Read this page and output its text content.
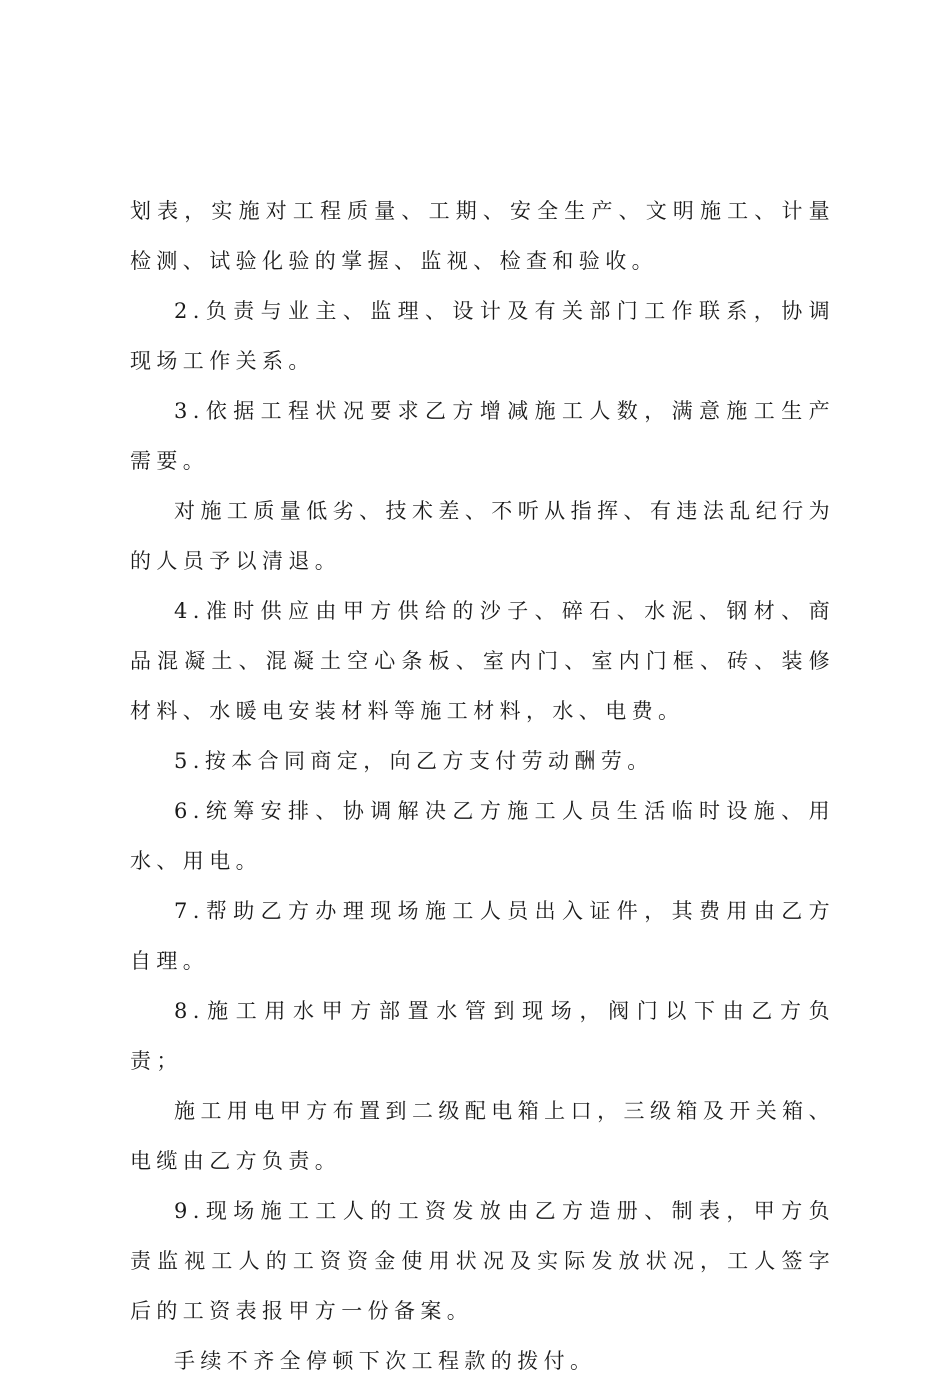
划表，实施对工程质量、工期、安全生产、文明施工、计量检测、试验化验的掌握、监视、检查和验收。

2.负责与业主、监理、设计及有关部门工作联系，协调现场工作关系。

3.依据工程状况要求乙方增减施工人数，满意施工生产需要。

对施工质量低劣、技术差、不听从指挥、有违法乱纪行为的人员予以清退。

4.准时供应由甲方供给的沙子、碎石、水泥、钢材、商品混凝土、混凝土空心条板、室内门、室内门框、砖、装修材料、水暖电安装材料等施工材料，水、电费。

5.按本合同商定，向乙方支付劳动酬劳。

6.统筹安排、协调解决乙方施工人员生活临时设施、用水、用电。

7.帮助乙方办理现场施工人员出入证件，其费用由乙方自理。

8.施工用水甲方部置水管到现场，阀门以下由乙方负责；

施工用电甲方布置到二级配电箱上口，三级箱及开关箱、电缆由乙方负责。

9.现场施工工人的工资发放由乙方造册、制表，甲方负责监视工人的工资资金使用状况及实际发放状况，工人签字后的工资表报甲方一份备案。

手续不齐全停顿下次工程款的拨付。
